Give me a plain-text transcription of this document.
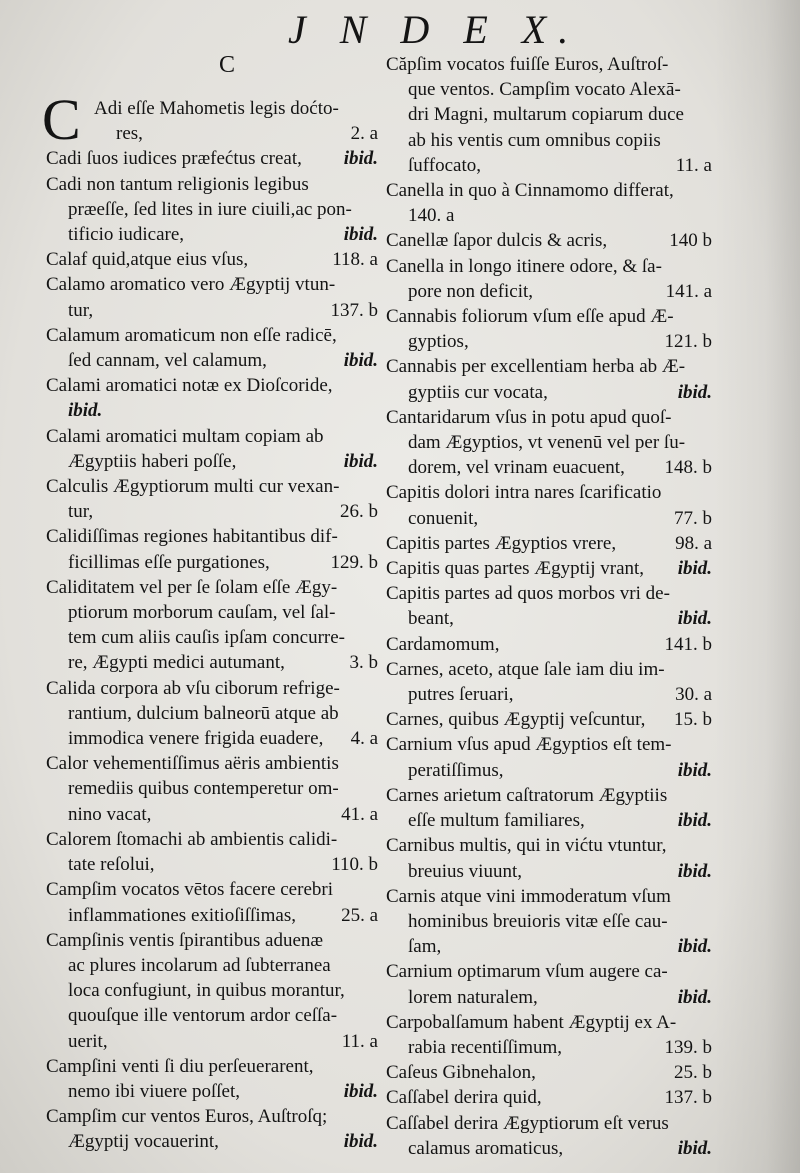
J N D E X.
C
C Adi eſſe Mahometis legis doćto-
res,	2. a
Cadi ſuos iudices præfećtus creat,	ibid.
Cadi non tantum religionis legibus
præeſſe, ſed lites in iure ciuili,ac pon-
tificio iudicare,	ibid.
Calaf quid,atque eius vſus,	118. a
Calamo aromatico vero Ægyptij vtun-
tur,	137. b
Calamum aromaticum non eſſe radicē,
ſed cannam, vel calamum,	ibid.
Calami aromatici notæ ex Dioſcoride,
ibid.
Calami aromatici multam copiam ab
Ægyptiis haberi poſſe,	ibid.
Calculis Ægyptiorum multi cur vexan-
tur,	26. b
Calidiſſimas regiones habitantibus dif-
ficillimas eſſe purgationes,	129. b
Caliditatem vel per ſe ſolam eſſe Ægy-
ptiorum morborum cauſam, vel ſal-
tem cum aliis cauſis ipſam concurre-
re, Ægypti medici autumant,	3. b
Calida corpora ab vſu ciborum refrige-
rantium, dulcium balneorū atque ab
immodica venere frigida euadere,	4. a
Calor vehementiſſimus aëris ambientis
remediis quibus contemperetur om-
nino vacat,	41. a
Calorem ſtomachi ab ambientis calidi-
tate reſolui,	110. b
Campſim vocatos vētos facere cerebri
inflammationes exitioſiſſimas,	25. a
Campſinis ventis ſpirantibus aduenæ
ac plures incolarum ad ſubterranea
loca confugiunt, in quibus morantur,
quouſque ille ventorum ardor ceſſa-
uerit,	11. a
Campſini venti ſi diu perſeuerarent,
nemo ibi viuere poſſet,	ibid.
Campſim cur ventos Euros, Auſtroſq;
Ægyptij vocauerint,	ibid.
Căpſim vocatos fuiſſe Euros, Auſtroſ-
que ventos. Campſim vocato Alexā-
dri Magni, multarum copiarum duce
ab his ventis cum omnibus copiis
ſuffocato,	11. a
Canella in quo à Cinnamomo differat,
140. a
Canellæ ſapor dulcis & acris,	140 b
Canella in longo itinere odore, & ſa-
pore non deficit,	141. a
Cannabis foliorum vſum eſſe apud Æ-
gyptios,	121. b
Cannabis per excellentiam herba ab Æ-
gyptiis cur vocata,	ibid.
Cantaridarum vſus in potu apud quoſ-
dam Ægyptios, vt venenū vel per ſu-
dorem, vel vrinam euacuent,	148. b
Capitis dolori intra nares ſcarificatio
conuenit,	77. b
Capitis partes Ægyptios vrere,	98. a
Capitis quas partes Ægyptij vrant,	ibid.
Capitis partes ad quos morbos vri de-
beant,	ibid.
Cardamomum,	141. b
Carnes, aceto, atque ſale iam diu im-
putres ſeruari,	30. a
Carnes, quibus Ægyptij veſcuntur,	15. b
Carnium vſus apud Ægyptios eſt tem-
peratiſſimus,	ibid.
Carnes arietum caſtratorum Ægyptiis
eſſe multum familiares,	ibid.
Carnibus multis, qui in vićtu vtuntur,
breuius viuunt,	ibid.
Carnis atque vini immoderatum vſum
hominibus breuioris vitæ eſſe cau-
ſam,	ibid.
Carnium optimarum vſum augere ca-
lorem naturalem,	ibid.
Carpobalſamum habent Ægyptij ex A-
rabia recentiſſimum,	139. b
Caſeus Gibnehalon,	25. b
Caſſabel derira quid,	137. b
Caſſabel derira Ægyptiorum eſt verus
calamus aromaticus,	ibid.
